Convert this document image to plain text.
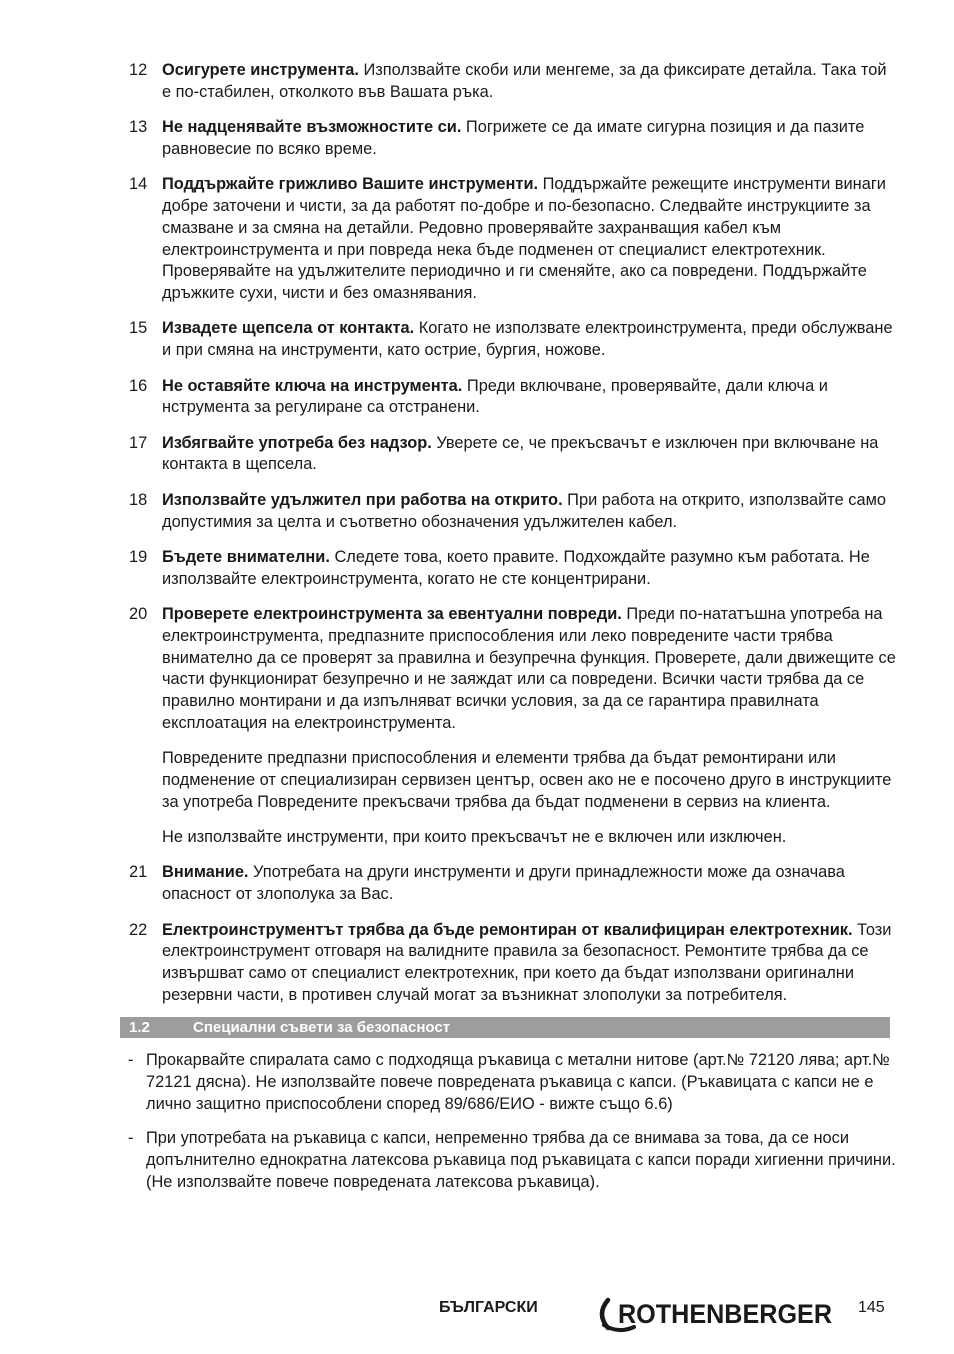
12 Осигурете инструмента. Използвайте скоби или менгеме, за да фиксирате детайла. Така той е по-стабилен, отколкото във Вашата ръка.

13 Не надценявайте възможностите си. Погрижете се да имате сигурна позиция и да пазите равновесие по всяко време.

14 Поддържайте грижливо Вашите инструменти. Поддържайте режещите инструменти винаги добре заточени и чисти, за да работят по-добре и по-безопасно. Следвайте инструкциите за смазване и за смяна на детайли. Редовно проверявайте захранващия кабел към електроинструмента и при повреда нека бъде подменен от специалист електротехник. Проверявайте на удължителите периодично и ги сменяйте, ако са повредени. Поддържайте дръжките сухи, чисти и без омазнявания.

15 Извадете щепсела от контакта. Когато не използвате електроинструмента, преди обслужване и при смяна на инструменти, като острие, бургия, ножове.

16 Не оставяйте ключа на инструмента. Преди включване, проверявайте, дали ключа и нструмента за регулиране са отстранени.

17 Избягвайте употреба без надзор. Уверете се, че прекъсвачът е изключен при включване на контакта в щепсела.

18 Използвайте удължител при работва на открито. При работа на открито, използвайте само допустимия за целта и съответно обозначения удължителен кабел.

19 Бъдете внимателни. Следете това, което правите. Подхождайте разумно към работата. Не използвайте електроинструмента, когато не сте концентрирани.

20 Проверете електроинструмента за евентуални повреди. Преди по-нататъшна употреба на електроинструмента, предпазните приспособления или леко повредените части трябва внимателно да се проверят за правилна и безупречна функция. Проверете, дали движещите се части функционират безупречно и не заяждат или са повредени. Всички части трябва да се правилно монтирани и да изпълняват всички условия, за да се гарантира правилната експлоатация на електроинструмента.

Повредените предпазни приспособления и елементи трябва да бъдат ремонтирани или подменение от специализиран сервизен център, освен ако не е посочено друго в инструкциите за употреба Повредените прекъсвачи трябва да бъдат подменени в сервиз на клиента.

Не използвайте инструменти, при които прекъсвачът не е включен или изключен.

21 Внимание. Употребата на други инструменти и други принадлежности може да означава опасност от злополука за Вас.

22 Електроинструментът трябва да бъде ремонтиран от квалифициран електротехник. Този електроинструмент отговаря на валидните правила за безопасност. Ремонтите трябва да се извършват само от специалист електротехник, при което да бъдат използвани оригинални резервни части, в противен случай могат за възникнат злополуки за потребителя.

1.2	Специални съвети за безопасност
- Прокарвайте спиралата само с подходяща ръкавица с метални нитове (арт.№ 72120 лява; арт.№ 72121 дясна). Не използвайте повече повредената ръкавица с капси. (Ръкавицата с капси не е лично защитно приспособлени според 89/686/ЕИО - вижте също 6.6)
- При употребата на ръкавица с капси, непременно трябва да се внимава за това, да се носи допълнително еднократна латексова ръкавица под ръкавицата с капси поради хигиенни причини. (Не използвайте повече повредената латексова ръкавица).
БЪЛГАРСКИ	ROTHENBERGER 145
